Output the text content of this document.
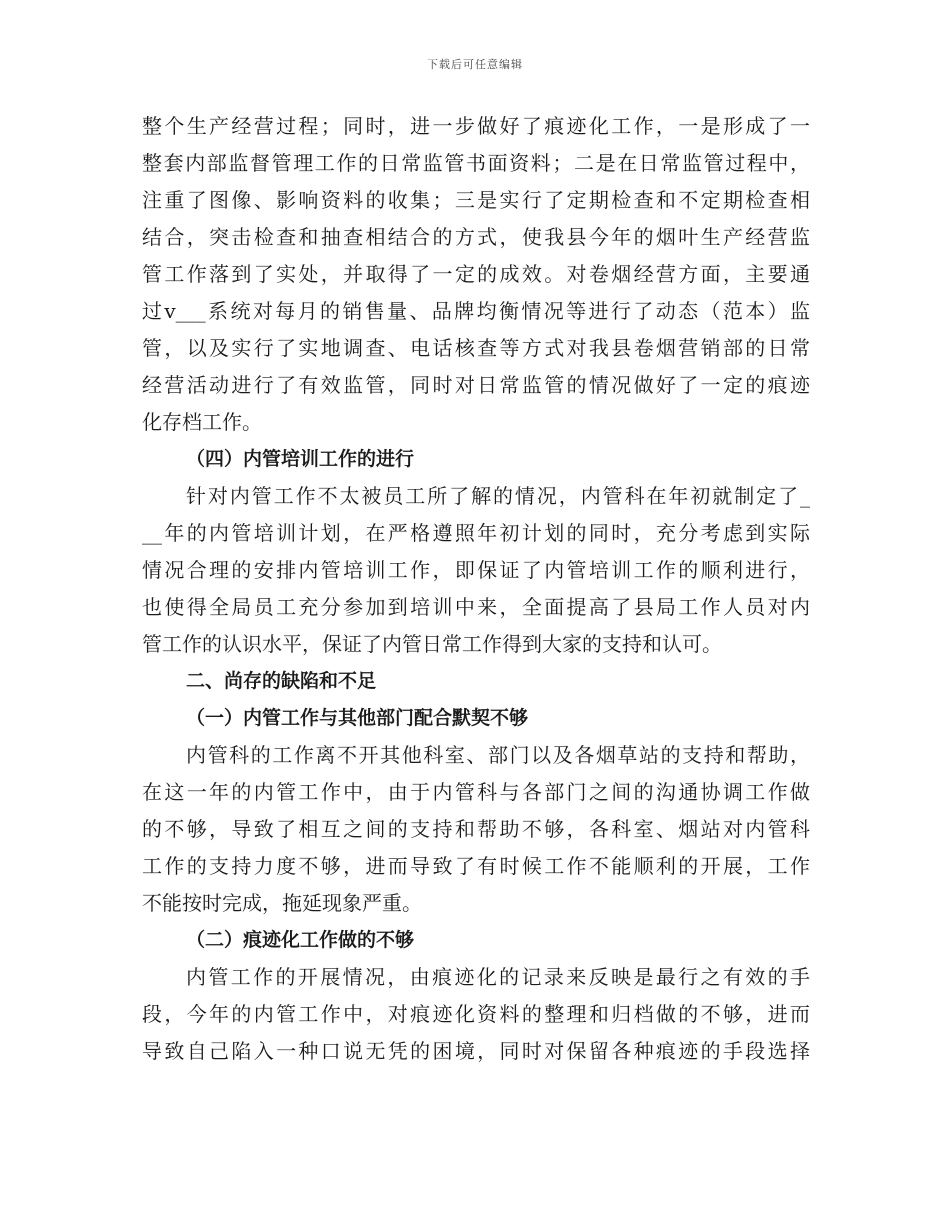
下载后可任意编辑
整个生产经营过程；同时，进一步做好了痕迹化工作，一是形成了一
整套内部监督管理工作的日常监管书面资料；二是在日常监管过程中，
注重了图像、影响资料的收集；三是实行了定期检查和不定期检查相
结合，突击检查和抽查相结合的方式，使我县今年的烟叶生产经营监
管工作落到了实处，并取得了一定的成效。对卷烟经营方面，主要通
过v___系统对每月的销售量、品牌均衡情况等进行了动态（范本）监
管，以及实行了实地调查、电话核查等方式对我县卷烟营销部的日常
经营活动进行了有效监管，同时对日常监管的情况做好了一定的痕迹
化存档工作。
（四）内管培训工作的进行
针对内管工作不太被员工所了解的情况，内管科在年初就制定了_
__年的内管培训计划，在严格遵照年初计划的同时，充分考虑到实际
情况合理的安排内管培训工作，即保证了内管培训工作的顺利进行，
也使得全局员工充分参加到培训中来，全面提高了县局工作人员对内
管工作的认识水平，保证了内管日常工作得到大家的支持和认可。
二、尚存的缺陷和不足
（一）内管工作与其他部门配合默契不够
内管科的工作离不开其他科室、部门以及各烟草站的支持和帮助，
在这一年的内管工作中，由于内管科与各部门之间的沟通协调工作做
的不够，导致了相互之间的支持和帮助不够，各科室、烟站对内管科
工作的支持力度不够，进而导致了有时候工作不能顺利的开展，工作
不能按时完成，拖延现象严重。
（二）痕迹化工作做的不够
内管工作的开展情况，由痕迹化的记录来反映是最行之有效的手
段，今年的内管工作中，对痕迹化资料的整理和归档做的不够，进而
导致自己陷入一种口说无凭的困境，同时对保留各种痕迹的手段选择
